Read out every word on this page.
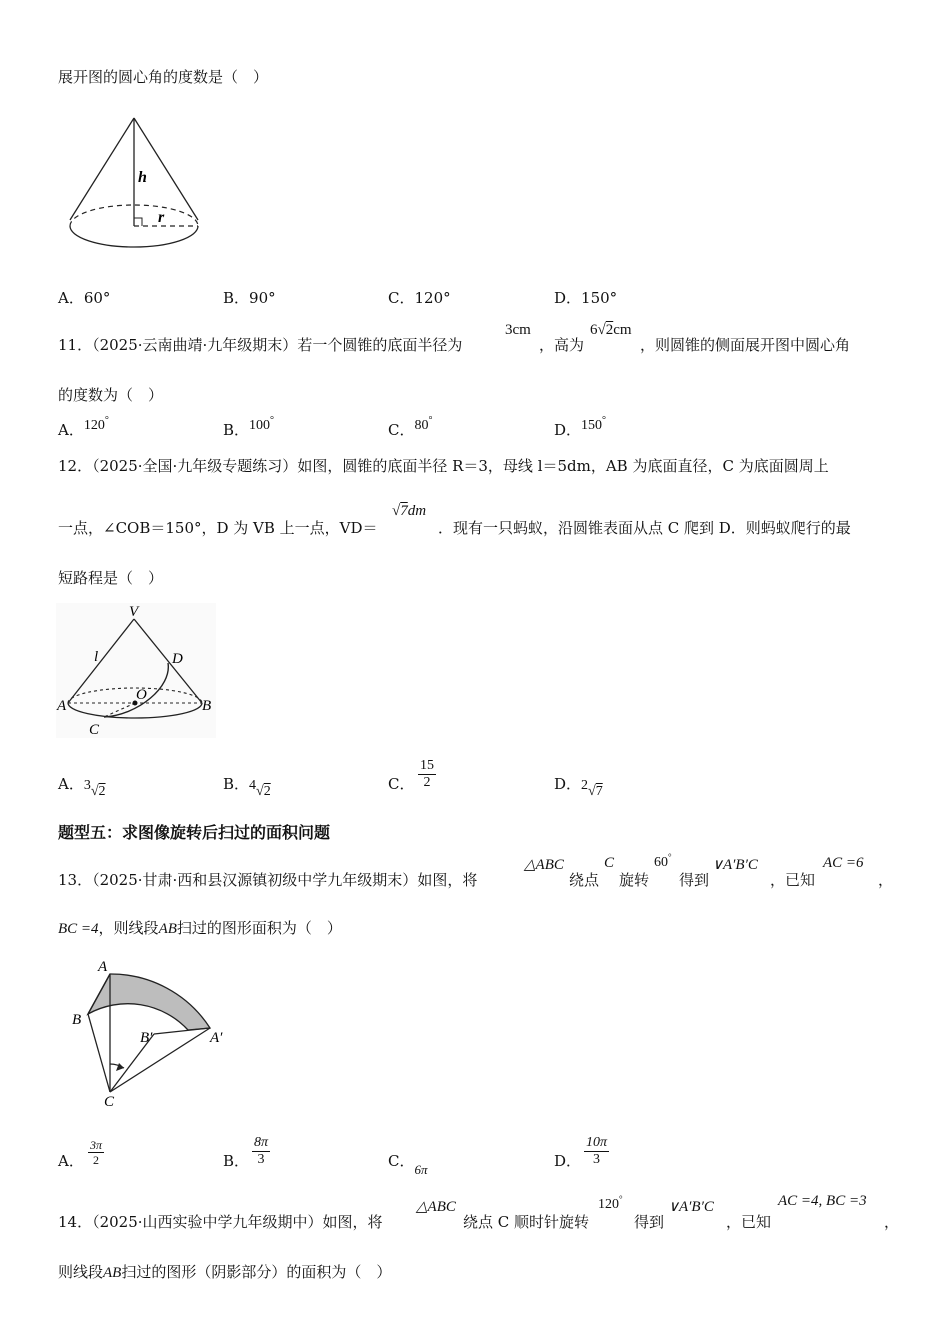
展开图的圆心角的度数是（　）
h
r
A．60°	B．90°	C．120°	D．150°
11．（2025·云南曲靖·九年级期末）若一个圆锥的底面半径为
3cm
，高为
6√2cm
，则圆锥的侧面展开图中圆心角
的度数为（　）
A．120°
B．100°
C．80°
D．150°
12．（2025·全国·九年级专题练习）如图，圆锥的底面半径 R＝3，母线 l＝5dm，AB 为底面直径，C 为底面圆周上
一点，∠COB＝150°，D 为 VB 上一点，VD＝
√7dm
．现有一只蚂蚁，沿圆锥表面从点 C 爬到 D．则蚂蚁爬行的最
短路程是（　）
V
l	D
O
A	B
C
A．3√2	B．4√2	C． $\frac{15}{2}$	D．2√7
题型五：求图像旋转后扫过的面积问题
13．（2025·甘肃·西和县汉源镇初级中学九年级期末）如图，将
△ABC
绕点
C
旋转
60°
得到
∨A′B′C
，已知
AC =6
，
BC =4，则线段AB扫过的图形面积为（　）
A
B
B′	A′
C
A． $\frac{3\pi}{2}$	B． $\frac{8\pi}{3}$	C．6π	D． $\frac{10\pi}{3}$
14．（2025·山西实验中学九年级期中）如图，将
△ABC
绕点 C 顺时针旋转
120°
得到
∨A′B′C
，已知
AC =4, BC =3
，
则线段AB扫过的图形（阴影部分）的面积为（　）
